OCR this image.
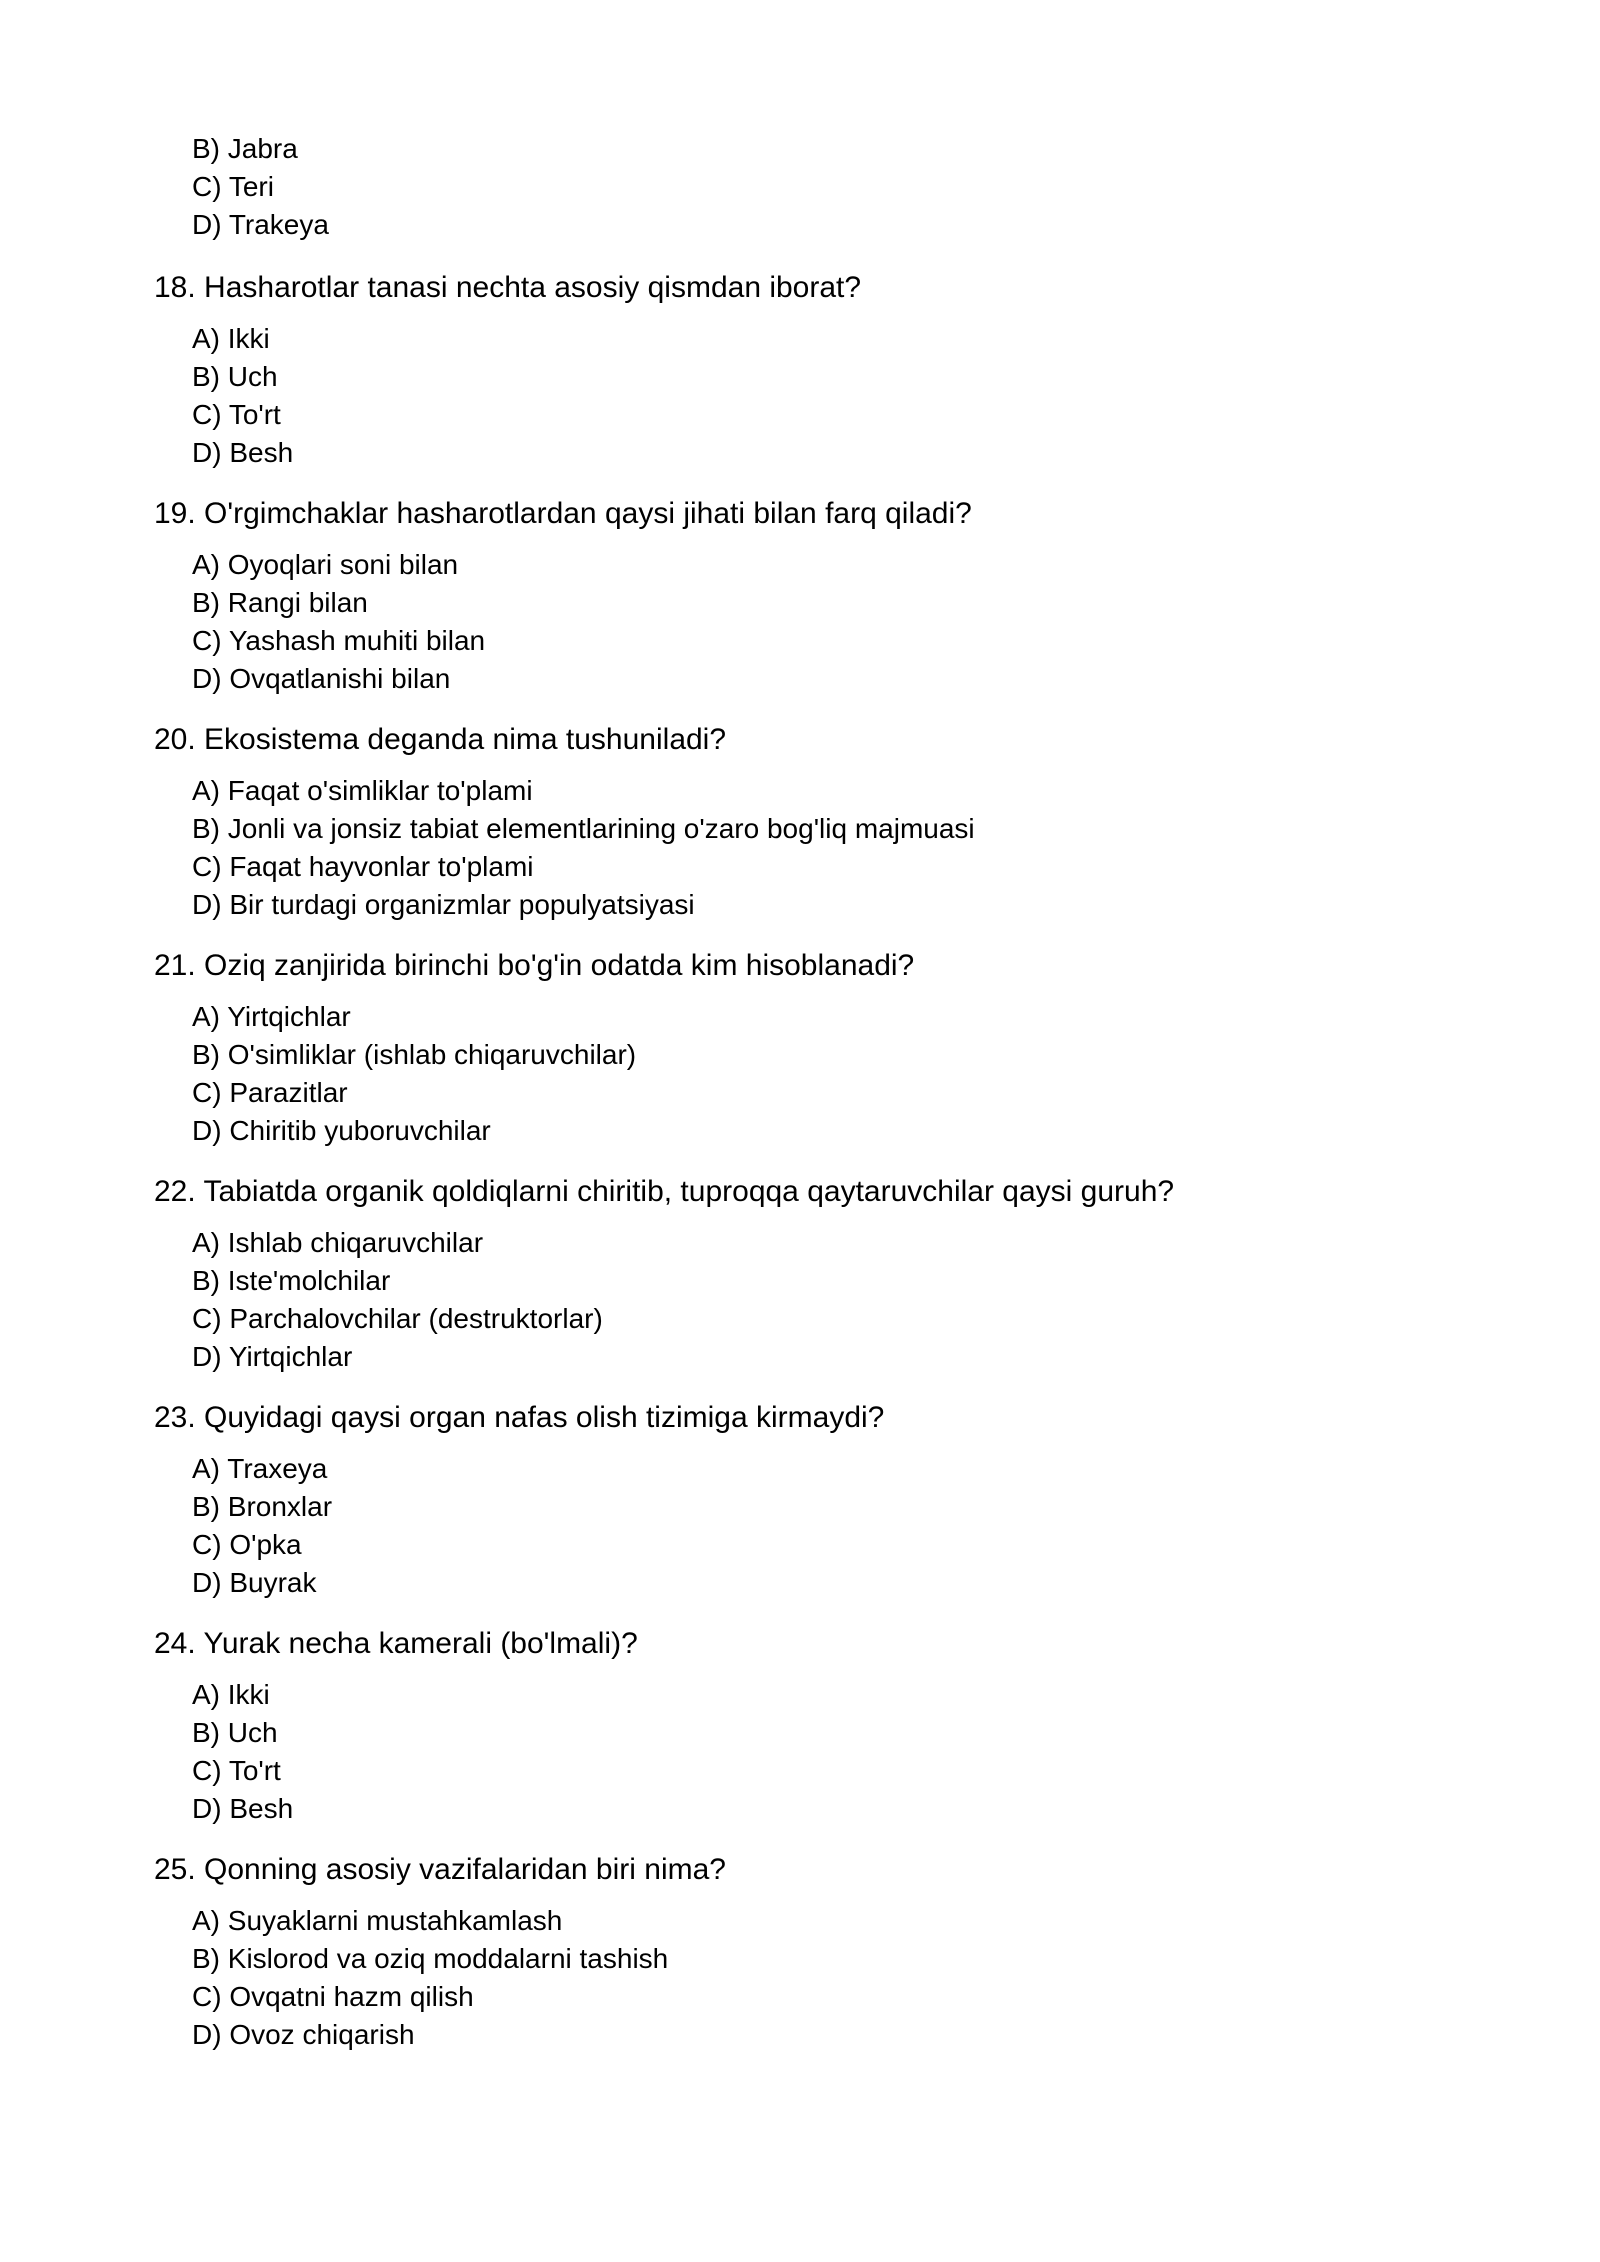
B) Jabra
C) Teri
D) Trakeya

18. Hasharotlar tanasi nechta asosiy qismdan iborat?

A) Ikki
B) Uch
C) To'rt
D) Besh

19. O'rgimchaklar hasharotlardan qaysi jihati bilan farq qiladi?

A) Oyoqlari soni bilan
B) Rangi bilan
C) Yashash muhiti bilan
D) Ovqatlanishi bilan

20. Ekosistema deganda nima tushuniladi?

A) Faqat o'simliklar to'plami
B) Jonli va jonsiz tabiat elementlarining o'zaro bog'liq majmuasi
C) Faqat hayvonlar to'plami
D) Bir turdagi organizmlar populyatsiyasi

21. Oziq zanjirida birinchi bo'g'in odatda kim hisoblanadi?

A) Yirtqichlar
B) O'simliklar (ishlab chiqaruvchilar)
C) Parazitlar
D) Chiritib yuboruvchilar

22. Tabiatda organik qoldiqlarni chiritib, tuproqqa qaytaruvchilar qaysi guruh?

A) Ishlab chiqaruvchilar
B) Iste'molchilar
C) Parchalovchilar (destruktorlar)
D) Yirtqichlar

23. Quyidagi qaysi organ nafas olish tizimiga kirmaydi?

A) Traxeya
B) Bronxlar
C) O'pka
D) Buyrak

24. Yurak necha kamerali (bo'lmali)?

A) Ikki
B) Uch
C) To'rt
D) Besh

25. Qonning asosiy vazifalaridan biri nima?

A) Suyaklarni mustahkamlash
B) Kislorod va oziq moddalarni tashish
C) Ovqatni hazm qilish
D) Ovoz chiqarish
